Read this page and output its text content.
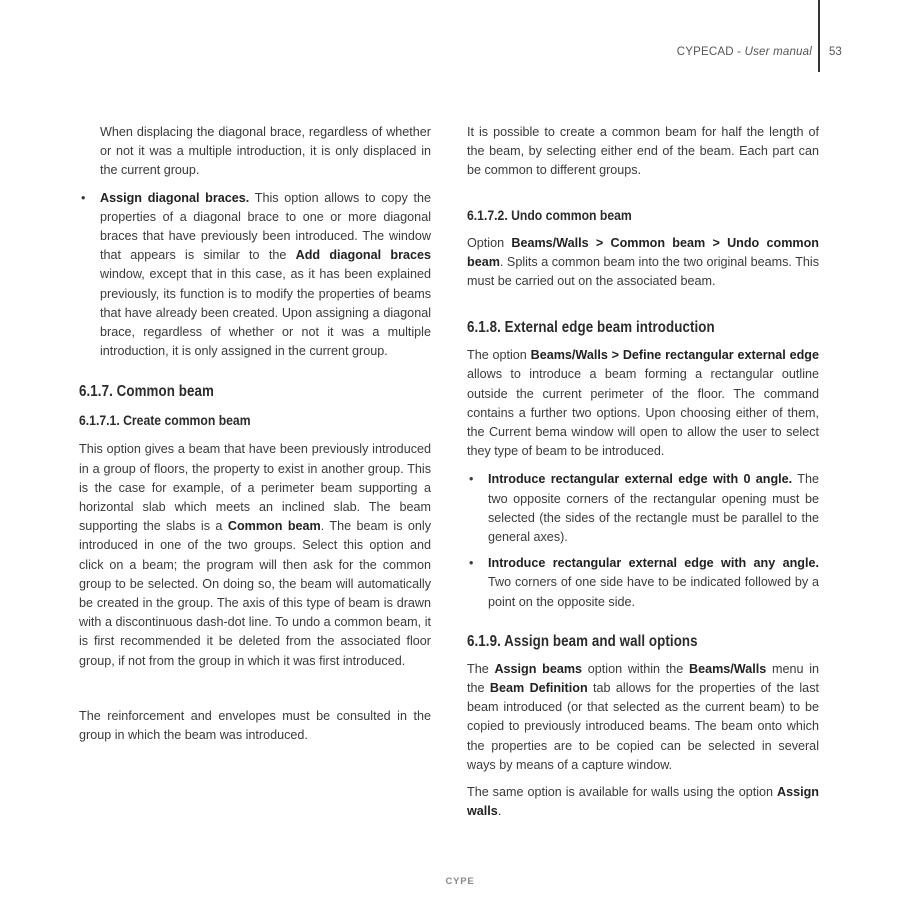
CYPECAD - User manual 53

When displacing the diagonal brace, regardless of whether or not it was a multiple introduction, it is only displaced in the current group.

• Assign diagonal braces. This option allows to copy the properties of a diagonal brace to one or more diagonal braces that have previously been introduced. The window that appears is similar to the Add diagonal braces window, except that in this case, as it has been explained previously, its function is to modify the properties of beams that have already been created. Upon assigning a diagonal brace, regardless of whether or not it was a multiple introduction, it is only assigned in the current group.
6.1.7. Common beam
6.1.7.1. Create common beam

This option gives a beam that have been previously introduced in a group of floors, the property to exist in another group. This is the case for example, of a perimeter beam supporting a horizontal slab which meets an inclined slab. The beam supporting the slabs is a Common beam. The beam is only introduced in one of the two groups. Select this option and click on a beam; the program will then ask for the common group to be selected. On doing so, the beam will automatically be created in the group. The axis of this type of beam is drawn with a discontinuous dash-dot line. To undo a common beam, it is first recommended it be deleted from the associated floor group, if not from the group in which it was first introduced.

The reinforcement and envelopes must be consulted in the group in which the beam was introduced.

It is possible to create a common beam for half the length of the beam, by selecting either end of the beam. Each part can be common to different groups.

6.1.7.2. Undo common beam

Option Beams/Walls > Common beam > Undo common beam. Splits a common beam into the two original beams. This must be carried out on the associated beam.

6.1.8. External edge beam introduction

The option Beams/Walls > Define rectangular external edge allows to introduce a beam forming a rectangular outline outside the current perimeter of the floor. The command contains a further two options. Upon choosing either of them, the Current bema window will open to allow the user to select they type of beam to be introduced.

• Introduce rectangular external edge with 0 angle. The two opposite corners of the rectangular opening must be selected (the sides of the rectangle must be parallel to the general axes).
• Introduce rectangular external edge with any angle. Two corners of one side have to be indicated followed by a point on the opposite side.
6.1.9. Assign beam and wall options

The Assign beams option within the Beams/Walls menu in the Beam Definition tab allows for the properties of the last beam introduced (or that selected as the current beam) to be copied to previously introduced beams. The beam onto which the properties are to be copied can be selected in several ways by means of a capture window.

The same option is available for walls using the option Assign walls.

CYPE
